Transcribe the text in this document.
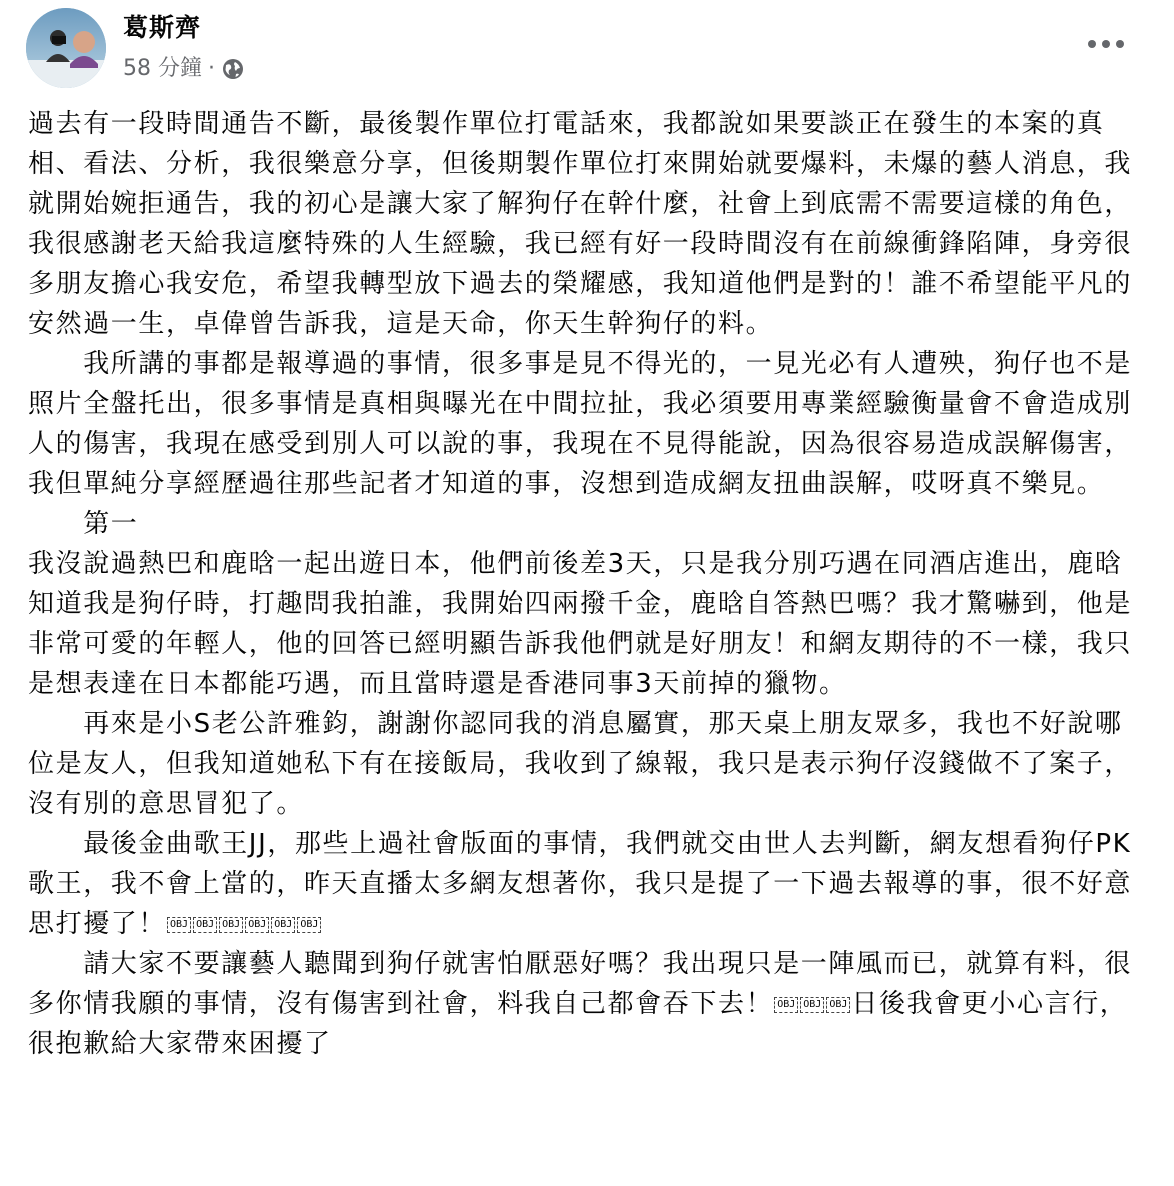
葛斯齊
58 分鐘 ·

過去有一段時間通告不斷，最後製作單位打電話來，我都說如果要談正在發生的本案的真相、看法、分析，我很樂意分享，但後期製作單位打來開始就要爆料，未爆的藝人消息，我就開始婉拒通告，我的初心是讓大家了解狗仔在幹什麼，社會上到底需不需要這樣的角色，我很感謝老天給我這麼特殊的人生經驗，我已經有好一段時間沒有在前線衝鋒陷陣，身旁很多朋友擔心我安危，希望我轉型放下過去的榮耀感，我知道他們是對的！誰不希望能平凡的安然過一生，卓偉曾告訴我，這是天命，你天生幹狗仔的料。

　　我所講的事都是報導過的事情，很多事是見不得光的，一見光必有人遭殃，狗仔也不是照片全盤托出，很多事情是真相與曝光在中間拉扯，我必須要用專業經驗衡量會不會造成別人的傷害，我現在感受到別人可以說的事，我現在不見得能說，因為很容易造成誤解傷害，我但單純分享經歷過往那些記者才知道的事，沒想到造成網友扭曲誤解，哎呀真不樂見。

　　第一

我沒說過熱巴和鹿晗一起出遊日本，他們前後差3天，只是我分別巧遇在同酒店進出，鹿晗知道我是狗仔時，打趣問我拍誰，我開始四兩撥千金，鹿晗自答熱巴嗎？我才驚嚇到，他是非常可愛的年輕人，他的回答已經明顯告訴我他們就是好朋友！和網友期待的不一樣，我只是想表達在日本都能巧遇，而且當時還是香港同事3天前掉的獵物。

　　再來是小S老公許雅鈞，謝謝你認同我的消息屬實，那天桌上朋友眾多，我也不好說哪位是友人，但我知道她私下有在接飯局，我收到了線報，我只是表示狗仔沒錢做不了案子，沒有別的意思冒犯了。

　　最後金曲歌王JJ，那些上過社會版面的事情，我們就交由世人去判斷，網友想看狗仔PK歌王，我不會上當的，昨天直播太多網友想著你，我只是提了一下過去報導的事，很不好意思打擾了！ OBJ OBJ OBJ OBJ OBJ OBJ

　　請大家不要讓藝人聽聞到狗仔就害怕厭惡好嗎？我出現只是一陣風而已，就算有料，很多你情我願的事情，沒有傷害到社會，料我自己都會吞下去！ OBJ OBJ OBJ 日後我會更小心言行，很抱歉給大家帶來困擾了
